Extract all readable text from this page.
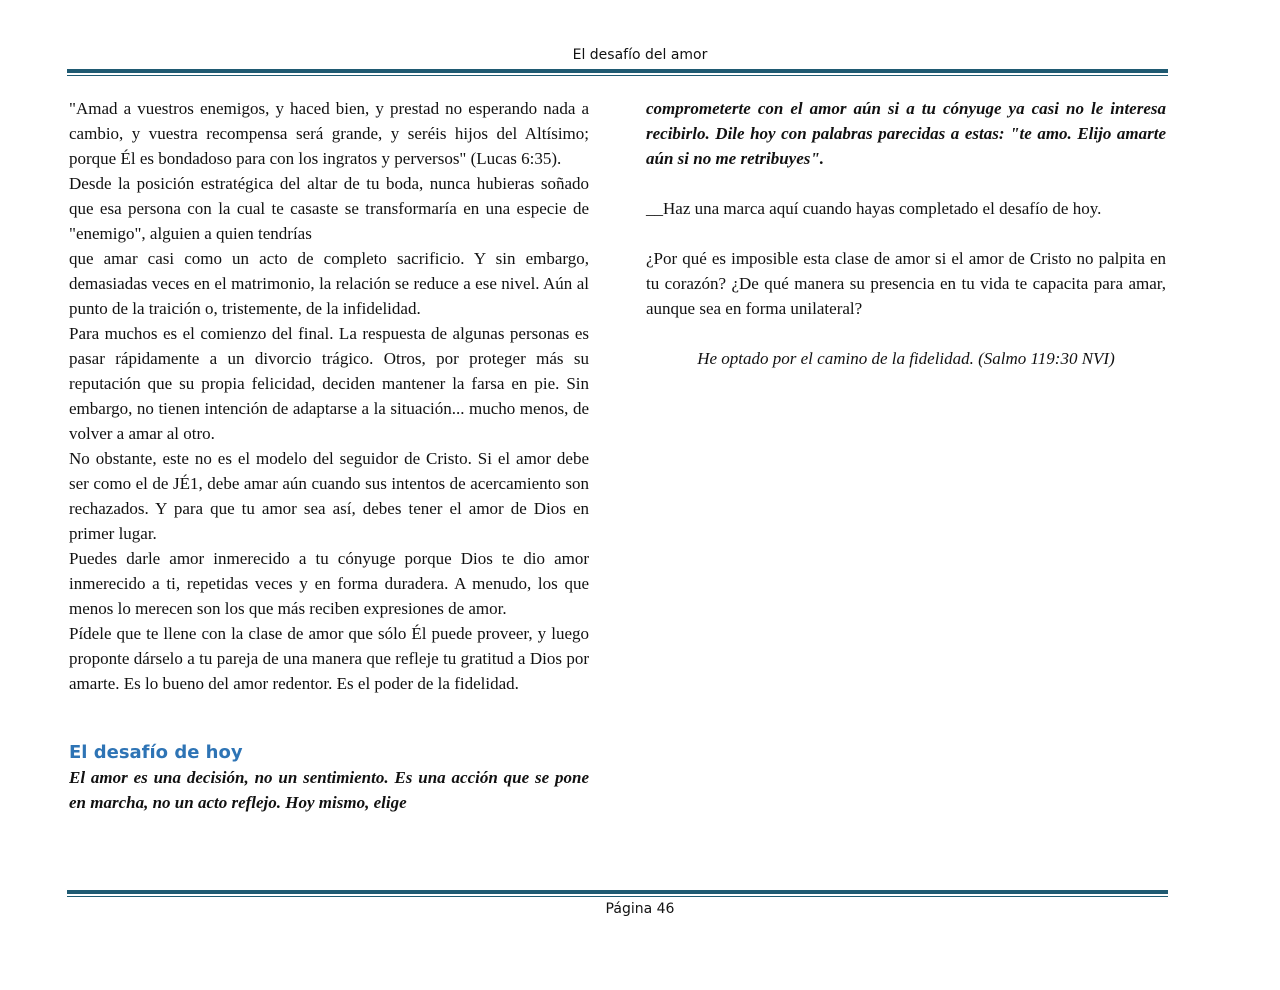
El desafío del amor

"Amad a vuestros enemigos, y haced bien, y prestad no esperando nada a cambio, y vuestra recompensa será grande, y seréis hijos del Altísimo; porque Él es bondadoso para con los ingratos y perversos" (Lucas 6:35).

Desde la posición estratégica del altar de tu boda, nunca hubieras soñado que esa persona con la cual te casaste se transformaría en una especie de "enemigo", alguien a quien tendrías

que amar casi como un acto de completo sacrificio. Y sin embargo, demasiadas veces en el matrimonio, la relación se reduce a ese nivel. Aún al punto de la traición o, tristemente, de la infidelidad.

Para muchos es el comienzo del final. La respuesta de algunas personas es pasar rápidamente a un divorcio trágico. Otros, por proteger más su reputación que su propia felicidad, deciden mantener la farsa en pie. Sin embargo, no tienen intención de adaptarse a la situación... mucho menos, de volver a amar al otro.

No obstante, este no es el modelo del seguidor de Cristo. Si el amor debe ser como el de JÉ1, debe amar aún cuando sus intentos de acercamiento son rechazados. Y para que tu amor sea así, debes tener el amor de Dios en primer lugar.

Puedes darle amor inmerecido a tu cónyuge porque Dios te dio amor inmerecido a ti, repetidas veces y en forma duradera. A menudo, los que menos lo merecen son los que más reciben expresiones de amor.

Pídele que te llene con la clase de amor que sólo Él puede proveer, y luego proponte dárselo a tu pareja de una manera que refleje tu gratitud a Dios por amarte. Es lo bueno del amor redentor. Es el poder de la fidelidad.

El desafío de hoy

El amor es una decisión, no un sentimiento. Es una acción que se pone en marcha, no un acto reflejo. Hoy mismo, elige

comprometerte con el amor aún si a tu cónyuge ya casi no le interesa recibirlo. Dile hoy con palabras parecidas a estas: "te amo. Elijo amarte aún si no me retribuyes".

__Haz una marca aquí cuando hayas completado el desafío de hoy.

¿Por qué es imposible esta clase de amor si el amor de Cristo no palpita en tu corazón? ¿De qué manera su presencia en tu vida te capacita para amar, aunque sea en forma unilateral?

He optado por el camino de la fidelidad. (Salmo 119:30 NVI)

Página 46
